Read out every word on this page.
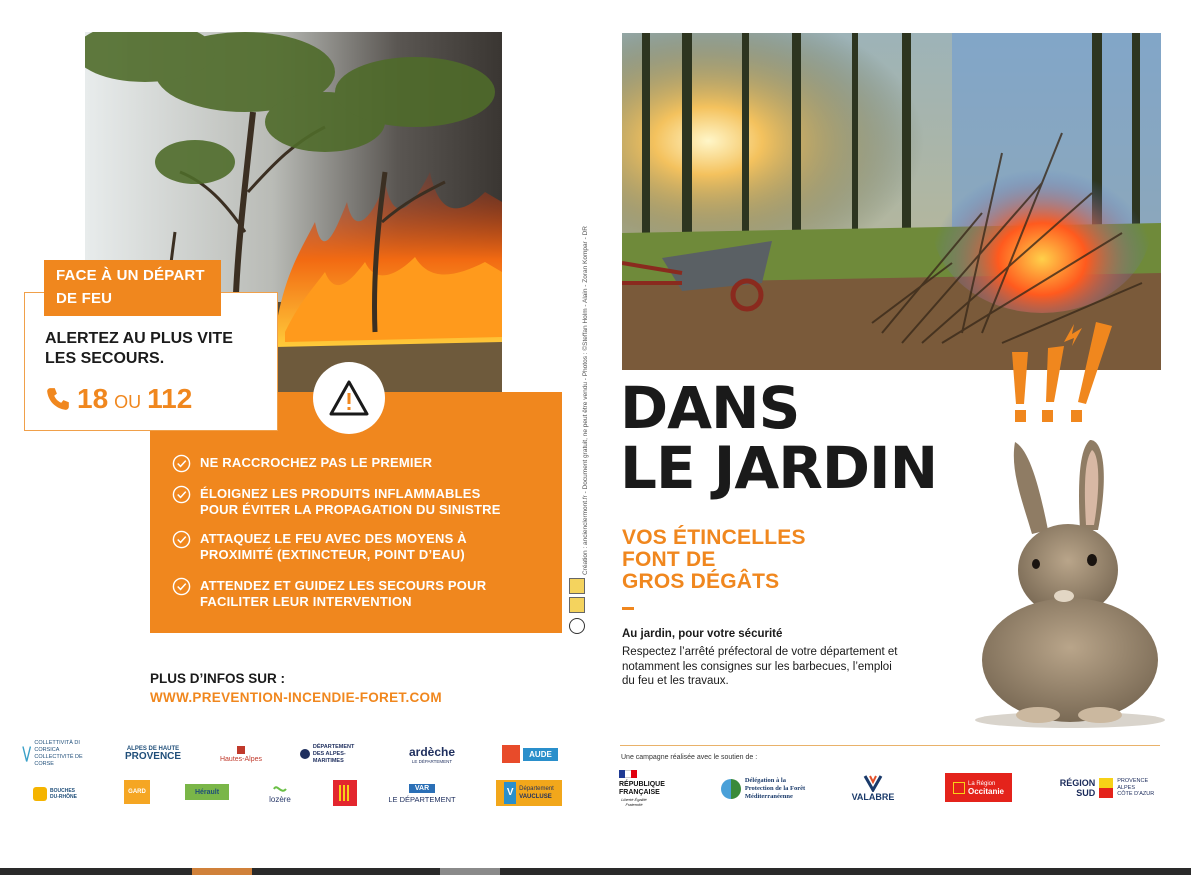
FACE À UN DÉPART
DE FEU
ALERTEZ AU PLUS VITE
LES SECOURS.
18 OU 112
NE RACCROCHEZ PAS LE PREMIER
ÉLOIGNEZ LES PRODUITS INFLAMMABLES
POUR ÉVITER LA PROPAGATION DU SINISTRE
ATTAQUEZ LE FEU AVEC DES MOYENS À
PROXIMITÉ (EXTINCTEUR, POINT D’EAU)
ATTENDEZ ET GUIDEZ LES SECOURS POUR
FACILITER LEUR INTERVENTION
PLUS D’INFOS SUR :
WWW.PREVENTION-INCENDIE-FORET.COM
COLLETTIVITÀ DI CORSICA
COLLECTIVITÉ DE CORSE
ALPES DE HAUTE
PROVENCE	Hautes-Alpes
DÉPARTEMENT
DES ALPES-MARITIMES
ardèche
LE DÉPARTEMENT
AUDE
BOUCHES
DU-RHÔNE
GARD	Hérault
lozère
VAR
LE DÉPARTEMENT
V Département
VAUCLUSE
Création : ancienclermont.fr - Document gratuit, ne peut être vendu - Photos : ©Steffan Holm - Alain - Zoran Kompar - DR DANS
LE JARDIN
VOS ÉTINCELLES
FONT DE
GROS DÉGÂTS
Au jardin, pour votre sécurité
Respectez l’arrêté préfectoral de votre département et notamment les consignes sur les barbecues, l’emploi du feu et les travaux.
Une campagne réalisée avec le soutien de :
RÉPUBLIQUE
FRANÇAISE
Liberté Égalité Fraternité
Délégation à la
Protection de la Forêt
Méditerranéenne	VALABRE
La Région
Occitanie
RÉGION
SUD
PROVENCE
ALPES
CÔTE D’AZUR
